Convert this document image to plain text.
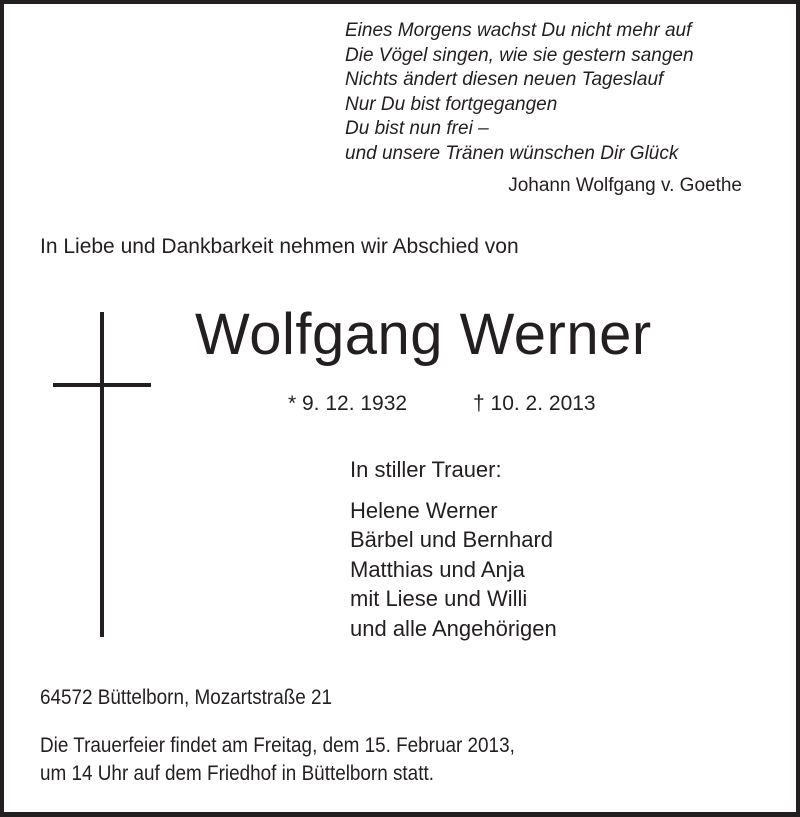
Eines Morgens wachst Du nicht mehr auf
Die Vögel singen, wie sie gestern sangen
Nichts ändert diesen neuen Tageslauf
Nur Du bist fortgegangen
Du bist nun frei –
und unsere Tränen wünschen Dir Glück
Johann Wolfgang v. Goethe
In Liebe und Dankbarkeit nehmen wir Abschied von
Wolfgang Werner
* 9. 12. 1932	† 10. 2. 2013
In stiller Trauer:
Helene Werner
Bärbel und Bernhard
Matthias und Anja
mit Liese und Willi
und alle Angehörigen
64572 Büttelborn, Mozartstraße 21
Die Trauerfeier findet am Freitag, dem 15. Februar 2013,
um 14 Uhr auf dem Friedhof in Büttelborn statt.
